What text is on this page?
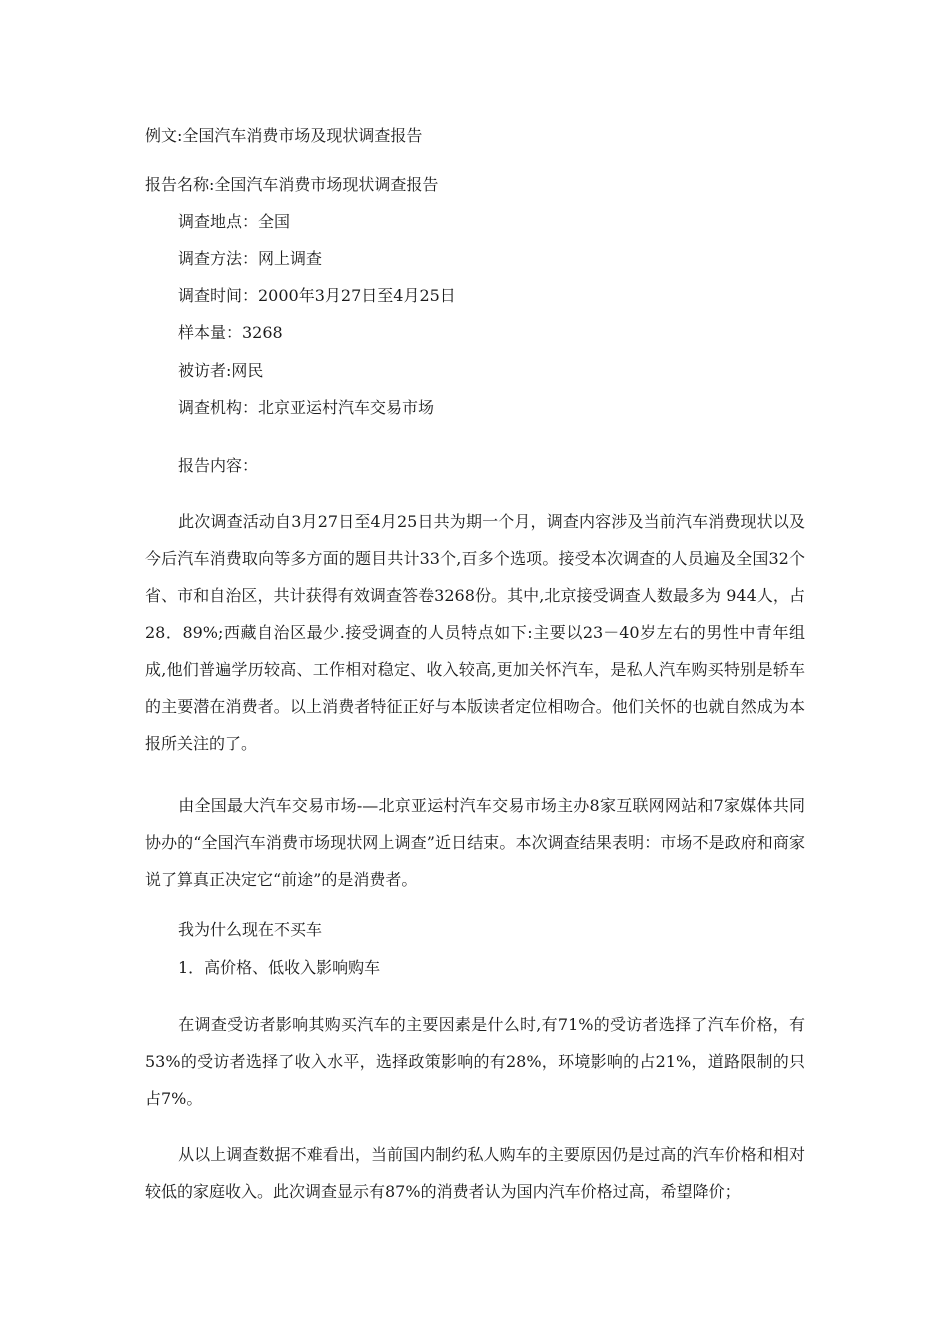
例文:全国汽车消费市场及现状调查报告
报告名称:全国汽车消费市场现状调查报告
调查地点：全国
调查方法：网上调查
调查时间：2000年3月27日至4月25日
样本量：3268
被访者:网民
调查机构：北京亚运村汽车交易市场
报告内容：
此次调查活动自3月27日至4月25日共为期一个月，调查内容涉及当前汽车消费现状以及今后汽车消费取向等多方面的题目共计33个,百多个选项。接受本次调查的人员遍及全国32个省、市和自治区，共计获得有效调查答卷3268份。其中,北京接受调查人数最多为 944人，占28．89%;西藏自治区最少.接受调查的人员特点如下:主要以23－40岁左右的男性中青年组成,他们普遍学历较高、工作相对稳定、收入较高,更加关怀汽车，是私人汽车购买特别是轿车的主要潜在消费者。以上消费者特征正好与本版读者定位相吻合。他们关怀的也就自然成为本报所关注的了。
由全国最大汽车交易市场-—北京亚运村汽车交易市场主办8家互联网网站和7家媒体共同协办的“全国汽车消费市场现状网上调查”近日结束。本次调查结果表明：市场不是政府和商家说了算真正决定它“前途”的是消费者。
我为什么现在不买车
1．高价格、低收入影响购车
在调查受访者影响其购买汽车的主要因素是什么时,有71%的受访者选择了汽车价格，有53%的受访者选择了收入水平，选择政策影响的有28%，环境影响的占21%，道路限制的只占7%。
从以上调查数据不难看出，当前国内制约私人购车的主要原因仍是过高的汽车价格和相对较低的家庭收入。此次调查显示有87%的消费者认为国内汽车价格过高，希望降价；
